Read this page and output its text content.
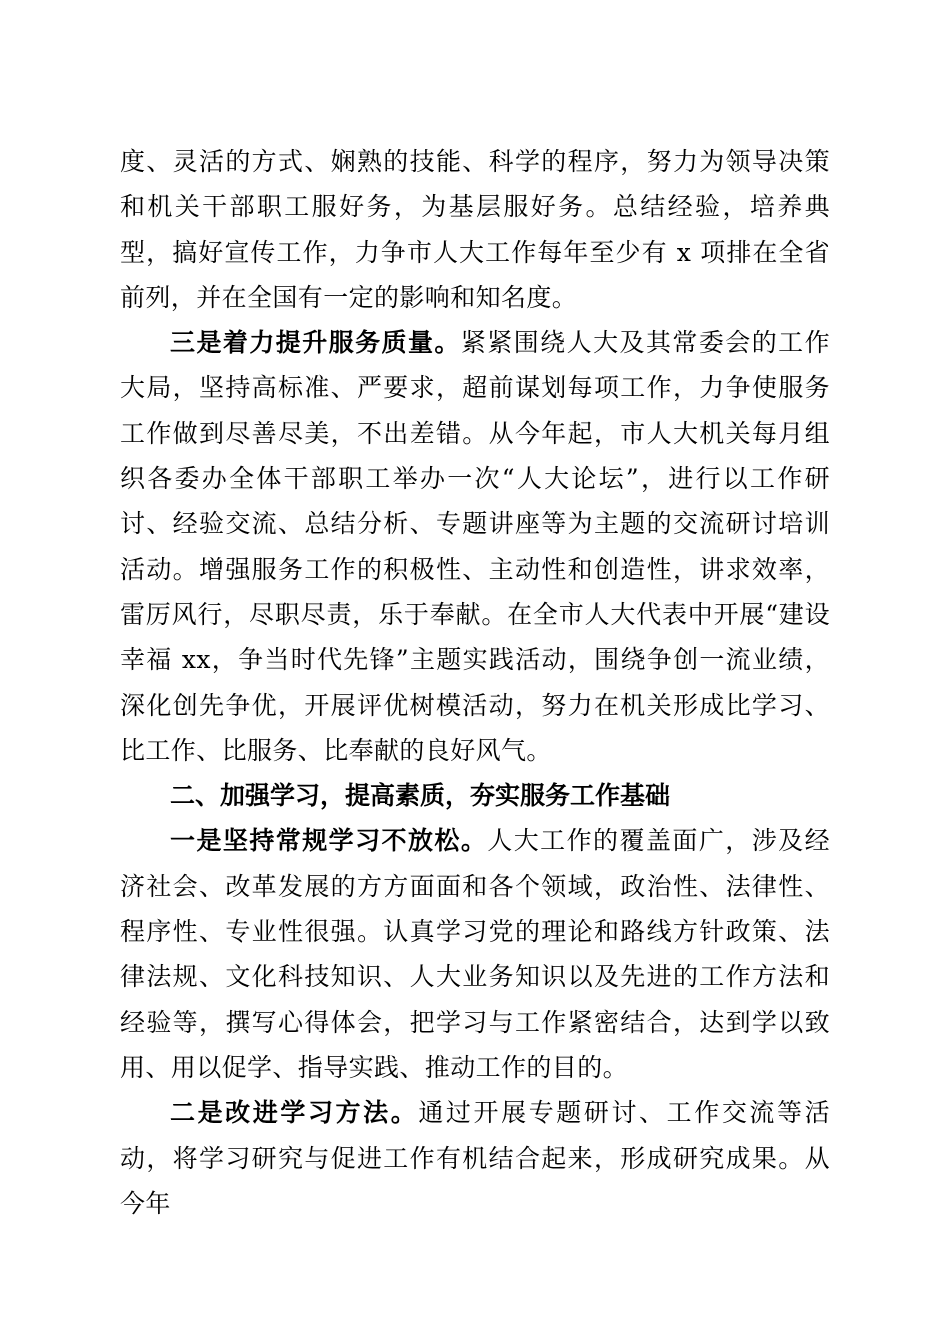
度、灵活的方式、娴熟的技能、科学的程序，努力为领导决策和机关干部职工服好务，为基层服好务。总结经验，培养典型，搞好宣传工作，力争市人大工作每年至少有 x 项排在全省前列，并在全国有一定的影响和知名度。

三是着力提升服务质量。紧紧围绕人大及其常委会的工作大局，坚持高标准、严要求，超前谋划每项工作，力争使服务工作做到尽善尽美，不出差错。从今年起，市人大机关每月组织各委办全体干部职工举办一次“人大论坛”，进行以工作研讨、经验交流、总结分析、专题讲座等为主题的交流研讨培训活动。增强服务工作的积极性、主动性和创造性，讲求效率，雷厉风行，尽职尽责，乐于奉献。在全市人大代表中开展“建设幸福 xx，争当时代先锋”主题实践活动，围绕争创一流业绩，深化创先争优，开展评优树模活动，努力在机关形成比学习、比工作、比服务、比奉献的良好风气。

二、加强学习，提高素质，夯实服务工作基础

一是坚持常规学习不放松。人大工作的覆盖面广，涉及经济社会、改革发展的方方面面和各个领域，政治性、法律性、程序性、专业性很强。认真学习党的理论和路线方针政策、法律法规、文化科技知识、人大业务知识以及先进的工作方法和经验等，撰写心得体会，把学习与工作紧密结合，达到学以致用、用以促学、指导实践、推动工作的目的。

二是改进学习方法。通过开展专题研讨、工作交流等活动，将学习研究与促进工作有机结合起来，形成研究成果。从今年
